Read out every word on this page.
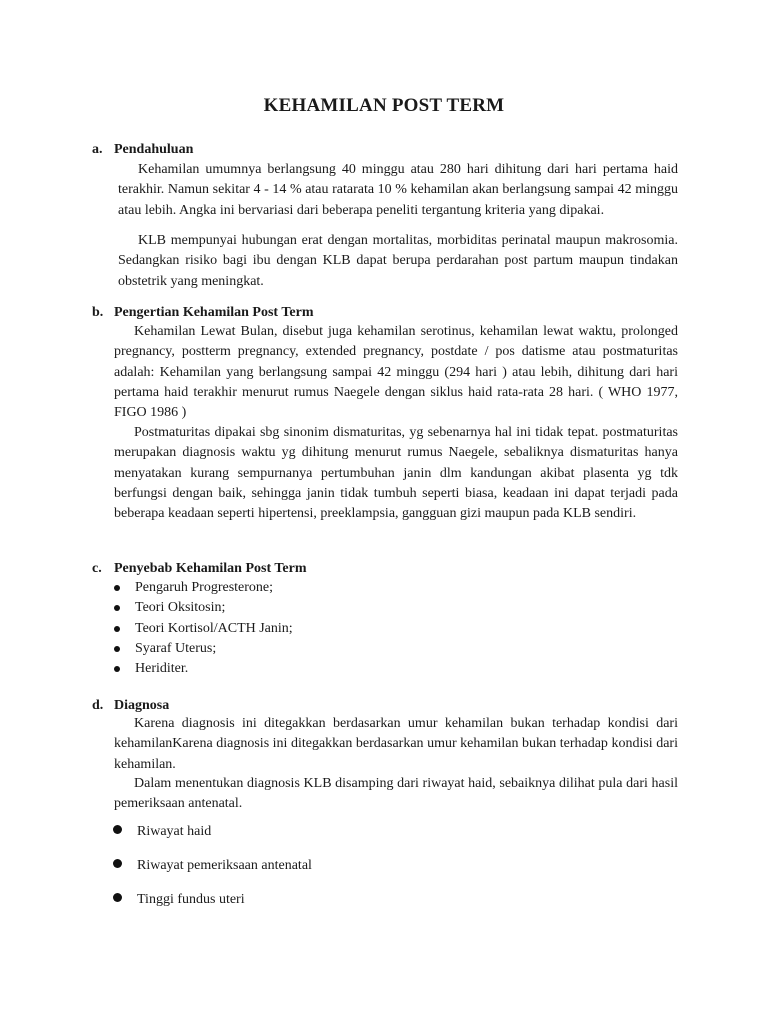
KEHAMILAN POST TERM
a. Pendahuluan

Kehamilan umumnya berlangsung 40 minggu atau 280 hari dihitung dari hari pertama haid terakhir. Namun sekitar 4 - 14 % atau ratarata 10 % kehamilan akan berlangsung sampai 42 minggu atau lebih. Angka ini bervariasi dari beberapa peneliti tergantung kriteria yang dipakai.

KLB mempunyai hubungan erat dengan mortalitas, morbiditas perinatal maupun makrosomia. Sedangkan risiko bagi ibu dengan KLB dapat berupa perdarahan post partum maupun tindakan obstetrik yang meningkat.

b. Pengertian Kehamilan Post Term

Kehamilan Lewat Bulan, disebut juga kehamilan serotinus, kehamilan lewat waktu, prolonged pregnancy, postterm pregnancy, extended pregnancy, postdate / pos datisme atau postmaturitas adalah: Kehamilan yang berlangsung sampai 42 minggu (294 hari ) atau lebih, dihitung dari hari pertama haid terakhir menurut rumus Naegele dengan siklus haid rata-rata 28 hari. ( WHO 1977, FIGO 1986 )

Postmaturitas dipakai sbg sinonim dismaturitas, yg sebenarnya hal ini tidak tepat. postmaturitas merupakan diagnosis waktu yg dihitung menurut rumus Naegele, sebaliknya dismaturitas hanya menyatakan kurang sempurnanya pertumbuhan janin dlm kandungan akibat plasenta yg tdk berfungsi dengan baik, sehingga janin tidak tumbuh seperti biasa, keadaan ini dapat terjadi pada beberapa keadaan seperti hipertensi, preeklampsia, gangguan gizi maupun pada KLB sendiri.

c. Penyebab Kehamilan Post Term
Pengaruh Progresterone;
Teori Oksitosin;
Teori Kortisol/ACTH Janin;
Syaraf Uterus;
Heriditer.
d. Diagnosa

Karena diagnosis ini ditegakkan berdasarkan umur kehamilan bukan terhadap kondisi dari kehamilanKarena diagnosis ini ditegakkan berdasarkan umur kehamilan bukan terhadap kondisi dari kehamilan.

Dalam menentukan diagnosis KLB disamping dari riwayat haid, sebaiknya dilihat pula dari hasil pemeriksaan antenatal.

Riwayat haid
Riwayat pemeriksaan antenatal
Tinggi fundus uteri
